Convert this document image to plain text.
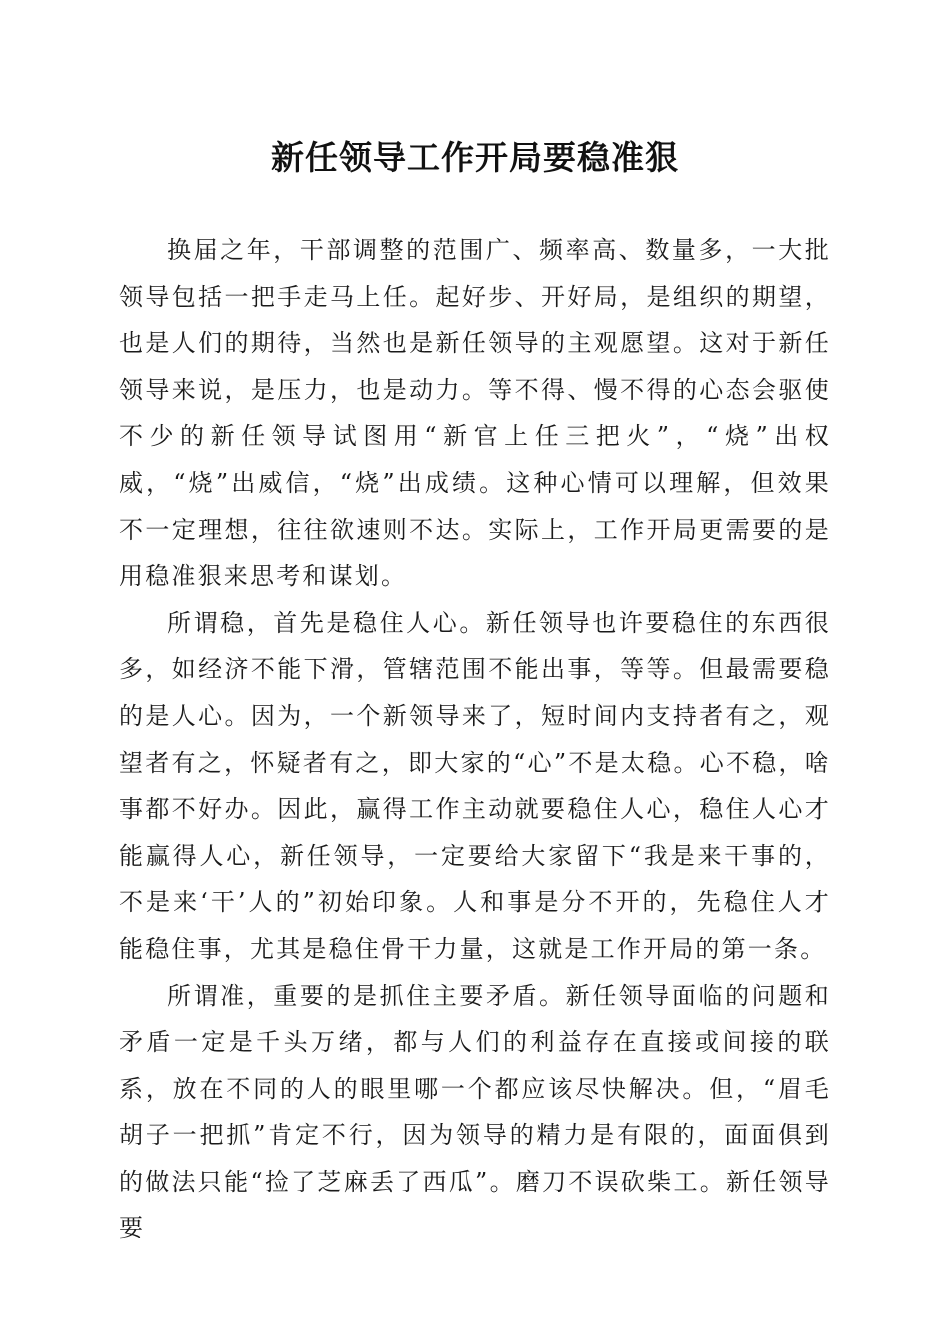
新任领导工作开局要稳准狠

换届之年，干部调整的范围广、频率高、数量多，一大批领导包括一把手走马上任。起好步、开好局，是组织的期望，也是人们的期待，当然也是新任领导的主观愿望。这对于新任领导来说，是压力，也是动力。等不得、慢不得的心态会驱使不少的新任领导试图用“新官上任三把火”，“烧”出权威，“烧”出威信，“烧”出成绩。这种心情可以理解，但效果不一定理想，往往欲速则不达。实际上，工作开局更需要的是用稳准狠来思考和谋划。

所谓稳，首先是稳住人心。新任领导也许要稳住的东西很多，如经济不能下滑，管辖范围不能出事，等等。但最需要稳的是人心。因为，一个新领导来了，短时间内支持者有之，观望者有之，怀疑者有之，即大家的“心”不是太稳。心不稳，啥事都不好办。因此，赢得工作主动就要稳住人心，稳住人心才能赢得人心，新任领导，一定要给大家留下“我是来干事的，不是来‘干’人的”初始印象。人和事是分不开的，先稳住人才能稳住事，尤其是稳住骨干力量，这就是工作开局的第一条。

所谓准，重要的是抓住主要矛盾。新任领导面临的问题和矛盾一定是千头万绪，都与人们的利益存在直接或间接的联系，放在不同的人的眼里哪一个都应该尽快解决。但，“眉毛胡子一把抓”肯定不行，因为领导的精力是有限的，面面俱到的做法只能“捡了芝麻丢了西瓜”。磨刀不误砍柴工。新任领导要
